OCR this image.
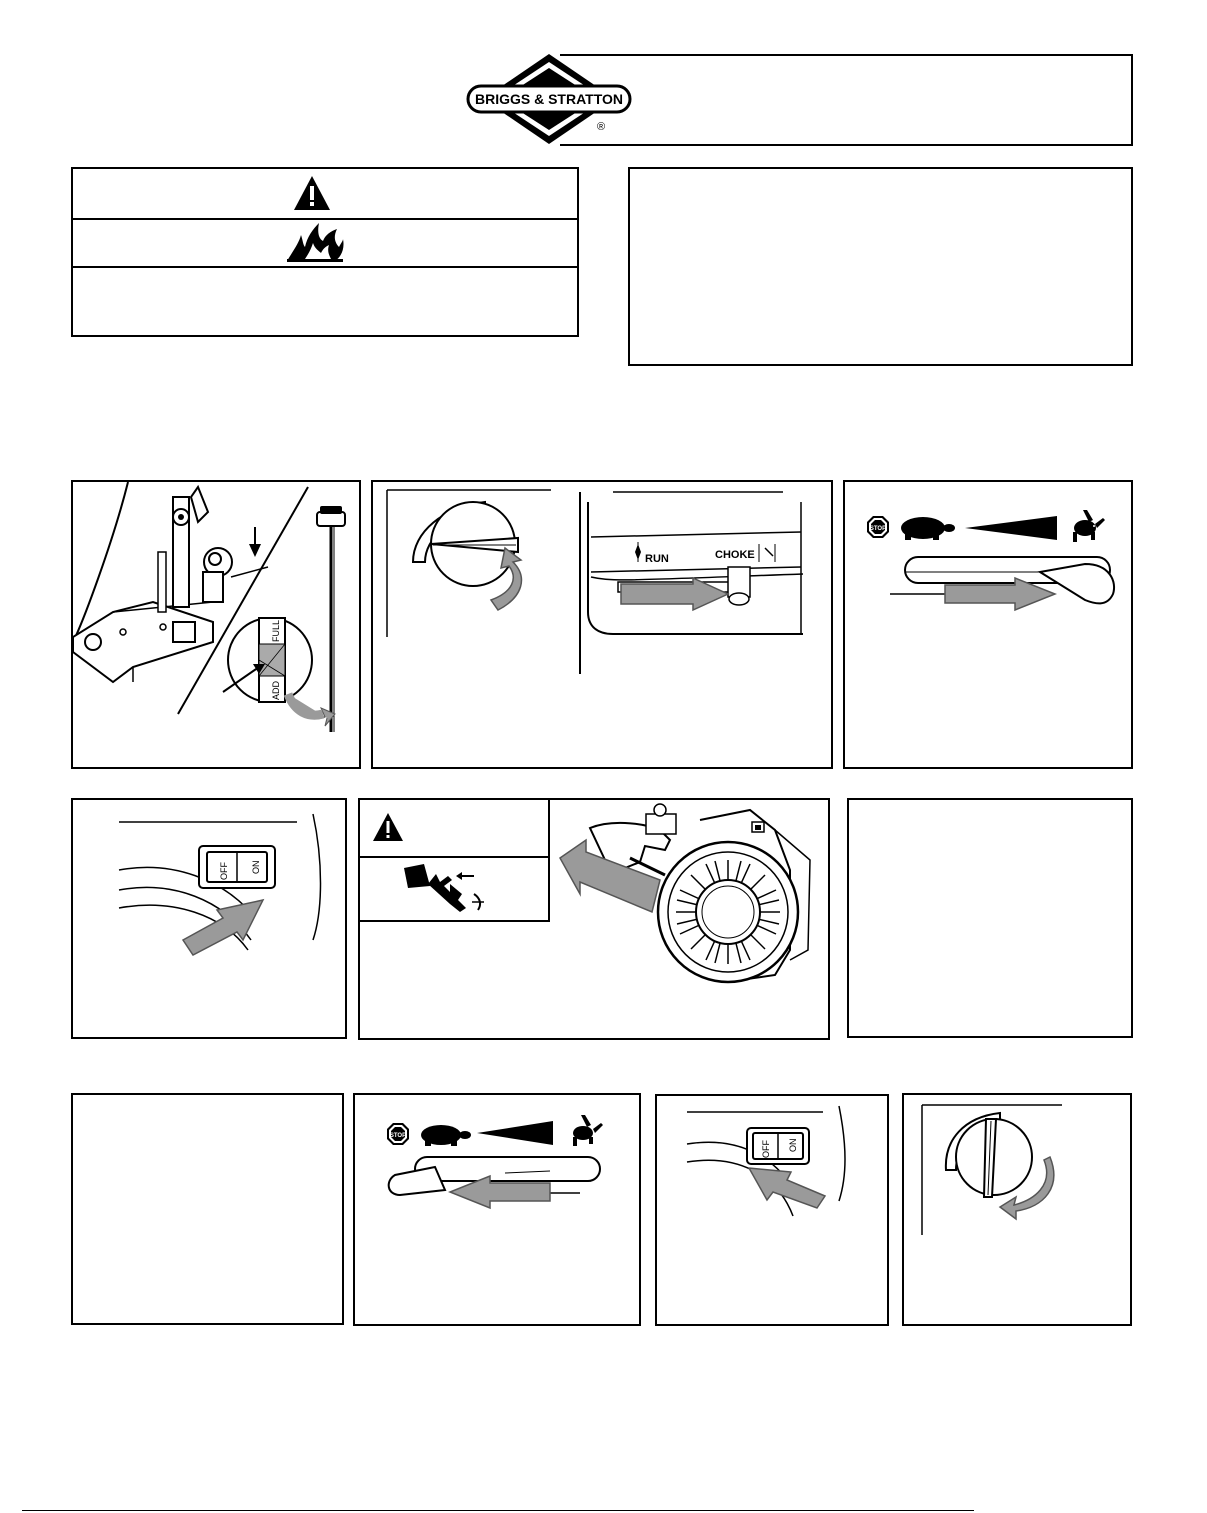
BRIGGS & STRATTON
®
FULL
ADD
RUN	CHOKE
STOP
OFF ON
STOP
OFF ON
